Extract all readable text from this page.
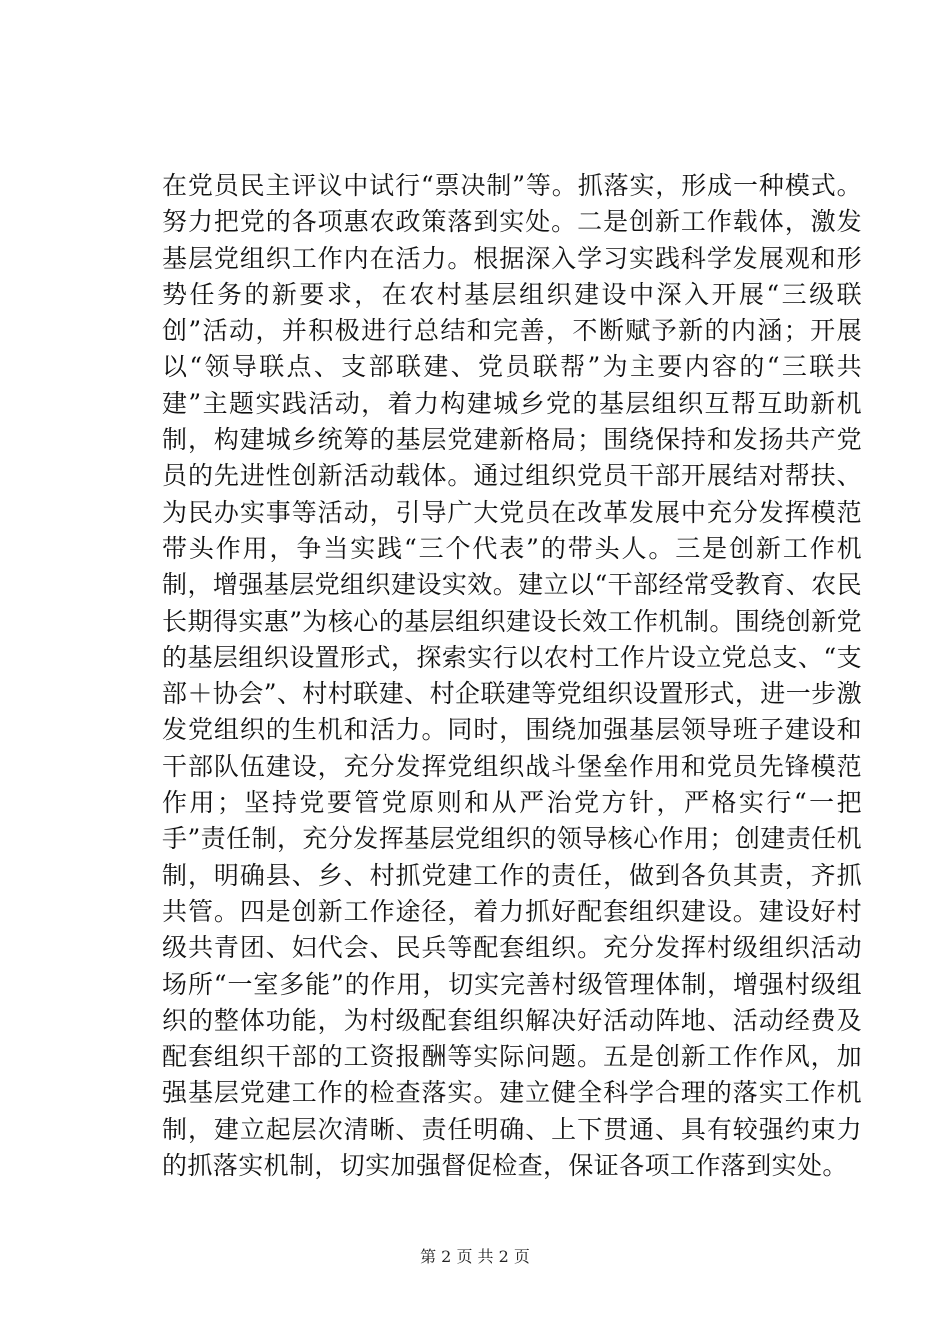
在党员民主评议中试行“票决制”等。抓落实，形成一种模式。努力把党的各项惠农政策落到实处。二是创新工作载体，激发基层党组织工作内在活力。根据深入学习实践科学发展观和形势任务的新要求，在农村基层组织建设中深入开展“三级联创”活动，并积极进行总结和完善，不断赋予新的内涵；开展以“领导联点、支部联建、党员联帮”为主要内容的“三联共建”主题实践活动，着力构建城乡党的基层组织互帮互助新机制，构建城乡统筹的基层党建新格局；围绕保持和发扬共产党员的先进性创新活动载体。通过组织党员干部开展结对帮扶、为民办实事等活动，引导广大党员在改革发展中充分发挥模范带头作用，争当实践“三个代表”的带头人。三是创新工作机制，增强基层党组织建设实效。建立以“干部经常受教育、农民长期得实惠”为核心的基层组织建设长效工作机制。围绕创新党的基层组织设置形式，探索实行以农村工作片设立党总支、“支部＋协会”、村村联建、村企联建等党组织设置形式，进一步激发党组织的生机和活力。同时，围绕加强基层领导班子建设和干部队伍建设，充分发挥党组织战斗堡垒作用和党员先锋模范作用；坚持党要管党原则和从严治党方针，严格实行“一把手”责任制，充分发挥基层党组织的领导核心作用；创建责任机制，明确县、乡、村抓党建工作的责任，做到各负其责，齐抓共管。四是创新工作途径，着力抓好配套组织建设。建设好村级共青团、妇代会、民兵等配套组织。充分发挥村级组织活动场所“一室多能”的作用，切实完善村级管理体制，增强村级组织的整体功能，为村级配套组织解决好活动阵地、活动经费及配套组织干部的工资报酬等实际问题。五是创新工作作风，加强基层党建工作的检查落实。建立健全科学合理的落实工作机制，建立起层次清晰、责任明确、上下贯通、具有较强约束力的抓落实机制，切实加强督促检查，保证各项工作落到实处。

第 2 页 共 2 页
